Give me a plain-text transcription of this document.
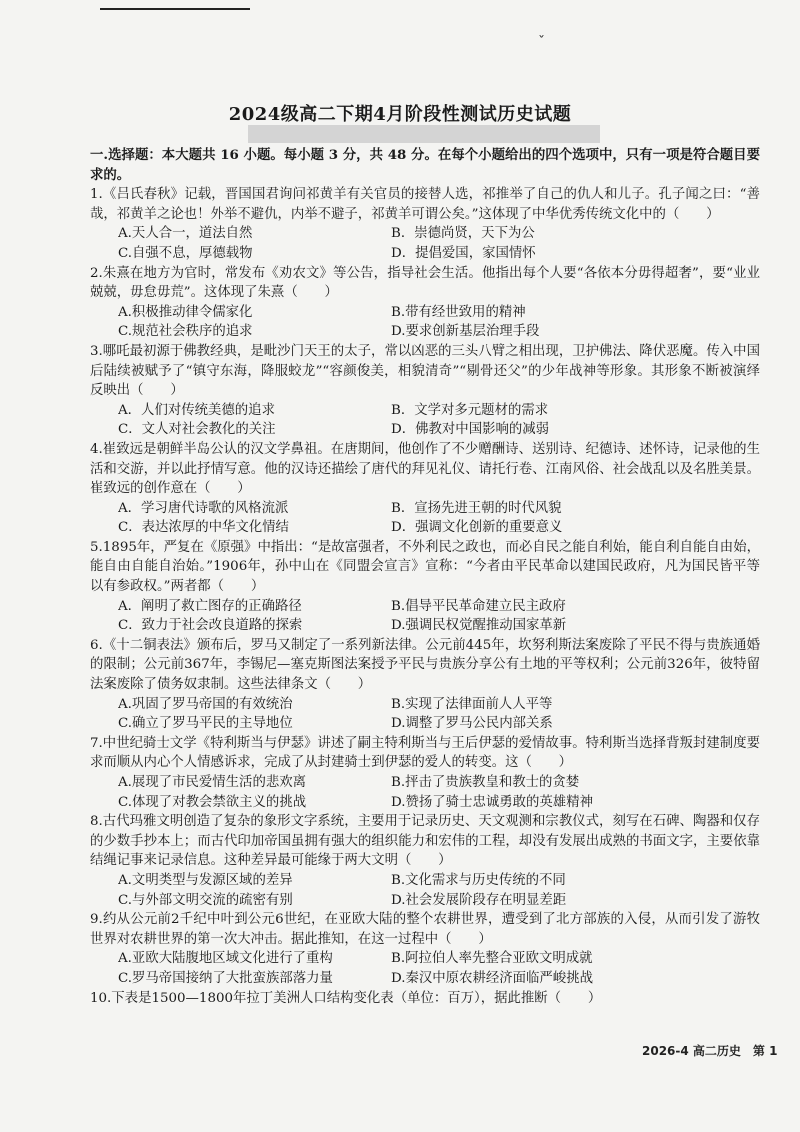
ˇ
2024级高二下期4月阶段性测试历史试题

一.选择题：本大题共 16 小题。每小题 3 分，共 48 分。在每个小题给出的四个选项中，只有一项是符合题目要求的。

1.《吕氏春秋》记载，晋国国君询问祁黄羊有关官员的接替人选，祁推举了自己的仇人和儿子。孔子闻之曰：“善哉，祁黄羊之论也！外举不避仇，内举不避子，祁黄羊可谓公矣。”这体现了中华优秀传统文化中的（　　）

A.天人合一，道法自然	B．崇德尚贤，天下为公
C.自强不息，厚德载物	D．提倡爱国，家国情怀

2.朱熹在地方为官时，常发布《劝农文》等公告，指导社会生活。他指出每个人要“各依本分毋得超奢”，要“业业兢兢，毋怠毋荒”。这体现了朱熹（　　）

A.积极推动律令儒家化	B.带有经世致用的精神
C.规范社会秩序的追求	D.要求创新基层治理手段

3.哪吒最初源于佛教经典，是毗沙门天王的太子，常以凶恶的三头八臂之相出现，卫护佛法、降伏恶魔。传入中国后陆续被赋予了“镇守东海，降服蛟龙”“容颜俊美，相貌清奇”“剔骨还父”的少年战神等形象。其形象不断被演绎反映出（　　）

A．人们对传统美德的追求	B．文学对多元题材的需求
C．文人对社会教化的关注	D．佛教对中国影响的减弱

4.崔致远是朝鲜半岛公认的汉文学鼻祖。在唐期间，他创作了不少赠酬诗、送别诗、纪德诗、述怀诗，记录他的生活和交游，并以此抒情写意。他的汉诗还描绘了唐代的拜见礼仪、请托行卷、江南风俗、社会战乱以及名胜美景。崔致远的创作意在（　　）

A．学习唐代诗歌的风格流派	B．宣扬先进王朝的时代风貌
C．表达浓厚的中华文化情结	D．强调文化创新的重要意义

5.1895年，严复在《原强》中指出：“是故富强者，不外利民之政也，而必自民之能自利始，能自利自能自由始，能自由自能自治始。”1906年，孙中山在《同盟会宣言》宣称：“今者由平民革命以建国民政府，凡为国民皆平等以有参政权。”两者都（　　）

A．阐明了救亡图存的正确路径	B.倡导平民革命建立民主政府
C．致力于社会改良道路的探索	D.强调民权觉醒推动国家革新

6.《十二铜表法》颁布后，罗马又制定了一系列新法律。公元前445年，坎努利斯法案废除了平民不得与贵族通婚的限制；公元前367年，李锡尼—塞克斯图法案授予平民与贵族分享公有土地的平等权利；公元前326年，彼特留法案废除了债务奴隶制。这些法律条文（　　）

A.巩固了罗马帝国的有效统治	B.实现了法律面前人人平等
C.确立了罗马平民的主导地位	D.调整了罗马公民内部关系

7.中世纪骑士文学《特利斯当与伊瑟》讲述了嗣主特利斯当与王后伊瑟的爱情故事。特利斯当选择背叛封建制度要求而顺从内心个人情感诉求，完成了从封建骑士到伊瑟的爱人的转变。这（　　）

A.展现了市民爱情生活的悲欢离	B.抨击了贵族教皇和教士的贪婪
C.体现了对教会禁欲主义的挑战	D.赞扬了骑士忠诚勇敢的英雄精神

8.古代玛雅文明创造了复杂的象形文字系统，主要用于记录历史、天文观测和宗教仪式，刻写在石碑、陶器和仅存的少数手抄本上；而古代印加帝国虽拥有强大的组织能力和宏伟的工程，却没有发展出成熟的书面文字，主要依靠结绳记事来记录信息。这种差异最可能缘于两大文明（　　）

A.文明类型与发源区域的差异	B.文化需求与历史传统的不同
C.与外部文明交流的疏密有别	D.社会发展阶段存在明显差距

9.约从公元前2千纪中叶到公元6世纪，在亚欧大陆的整个农耕世界，遭受到了北方部族的入侵，从而引发了游牧世界对农耕世界的第一次大冲击。据此推知，在这一过程中（　　）

A.亚欧大陆腹地区域文化进行了重构	B.阿拉伯人率先整合亚欧文明成就
C.罗马帝国接纳了大批蛮族部落力量	D.秦汉中原农耕经济面临严峻挑战

10.下表是1500—1800年拉丁美洲人口结构变化表（单位：百万），据此推断（　　）

2026-4 高二历史　第 1
